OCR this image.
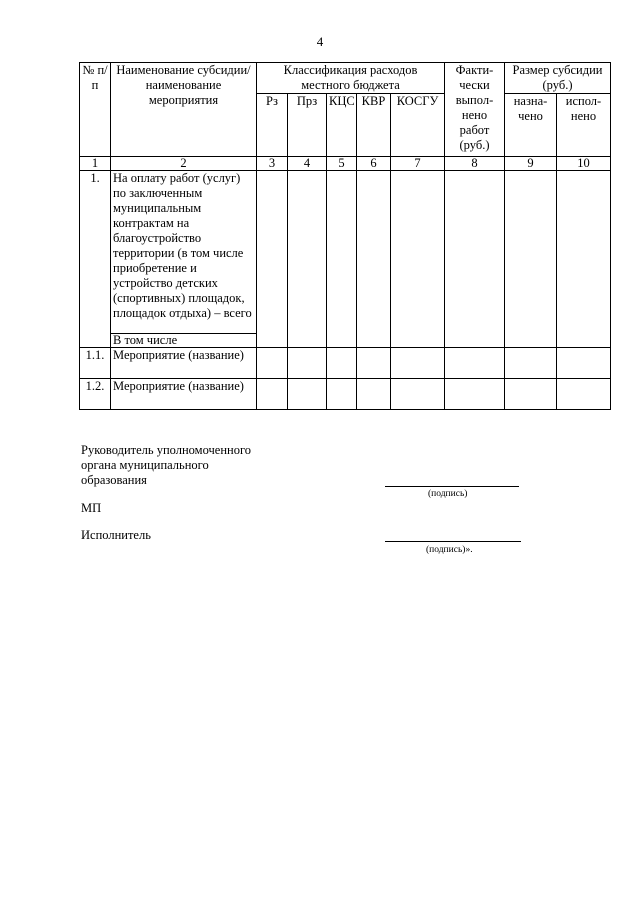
4
№ п/п	Наименование субсидии/наименование мероприятия	Классификация расходов местного бюджета					Факти-чески выпол-нено работ (руб.)	Размер субсидии (руб.)	
		Рз	Прз	КЦС	КВР	КОСГУ		назна-чено	испол-нено
1	2	3	4	5	6	7	8	9	10
1.	На оплату работ (услуг) по заключенным муниципальным контрактам на благоустройство территории (в том числе приобретение и устройство детских (спортивных) площадок, площадок отдыха) – всего								
	В том числе								
1.1.	Мероприятие (название)								
1.2.	Мероприятие (название)								
Руководитель уполномоченного органа муниципального образования
(подпись)
МП
Исполнитель
(подпись)».
